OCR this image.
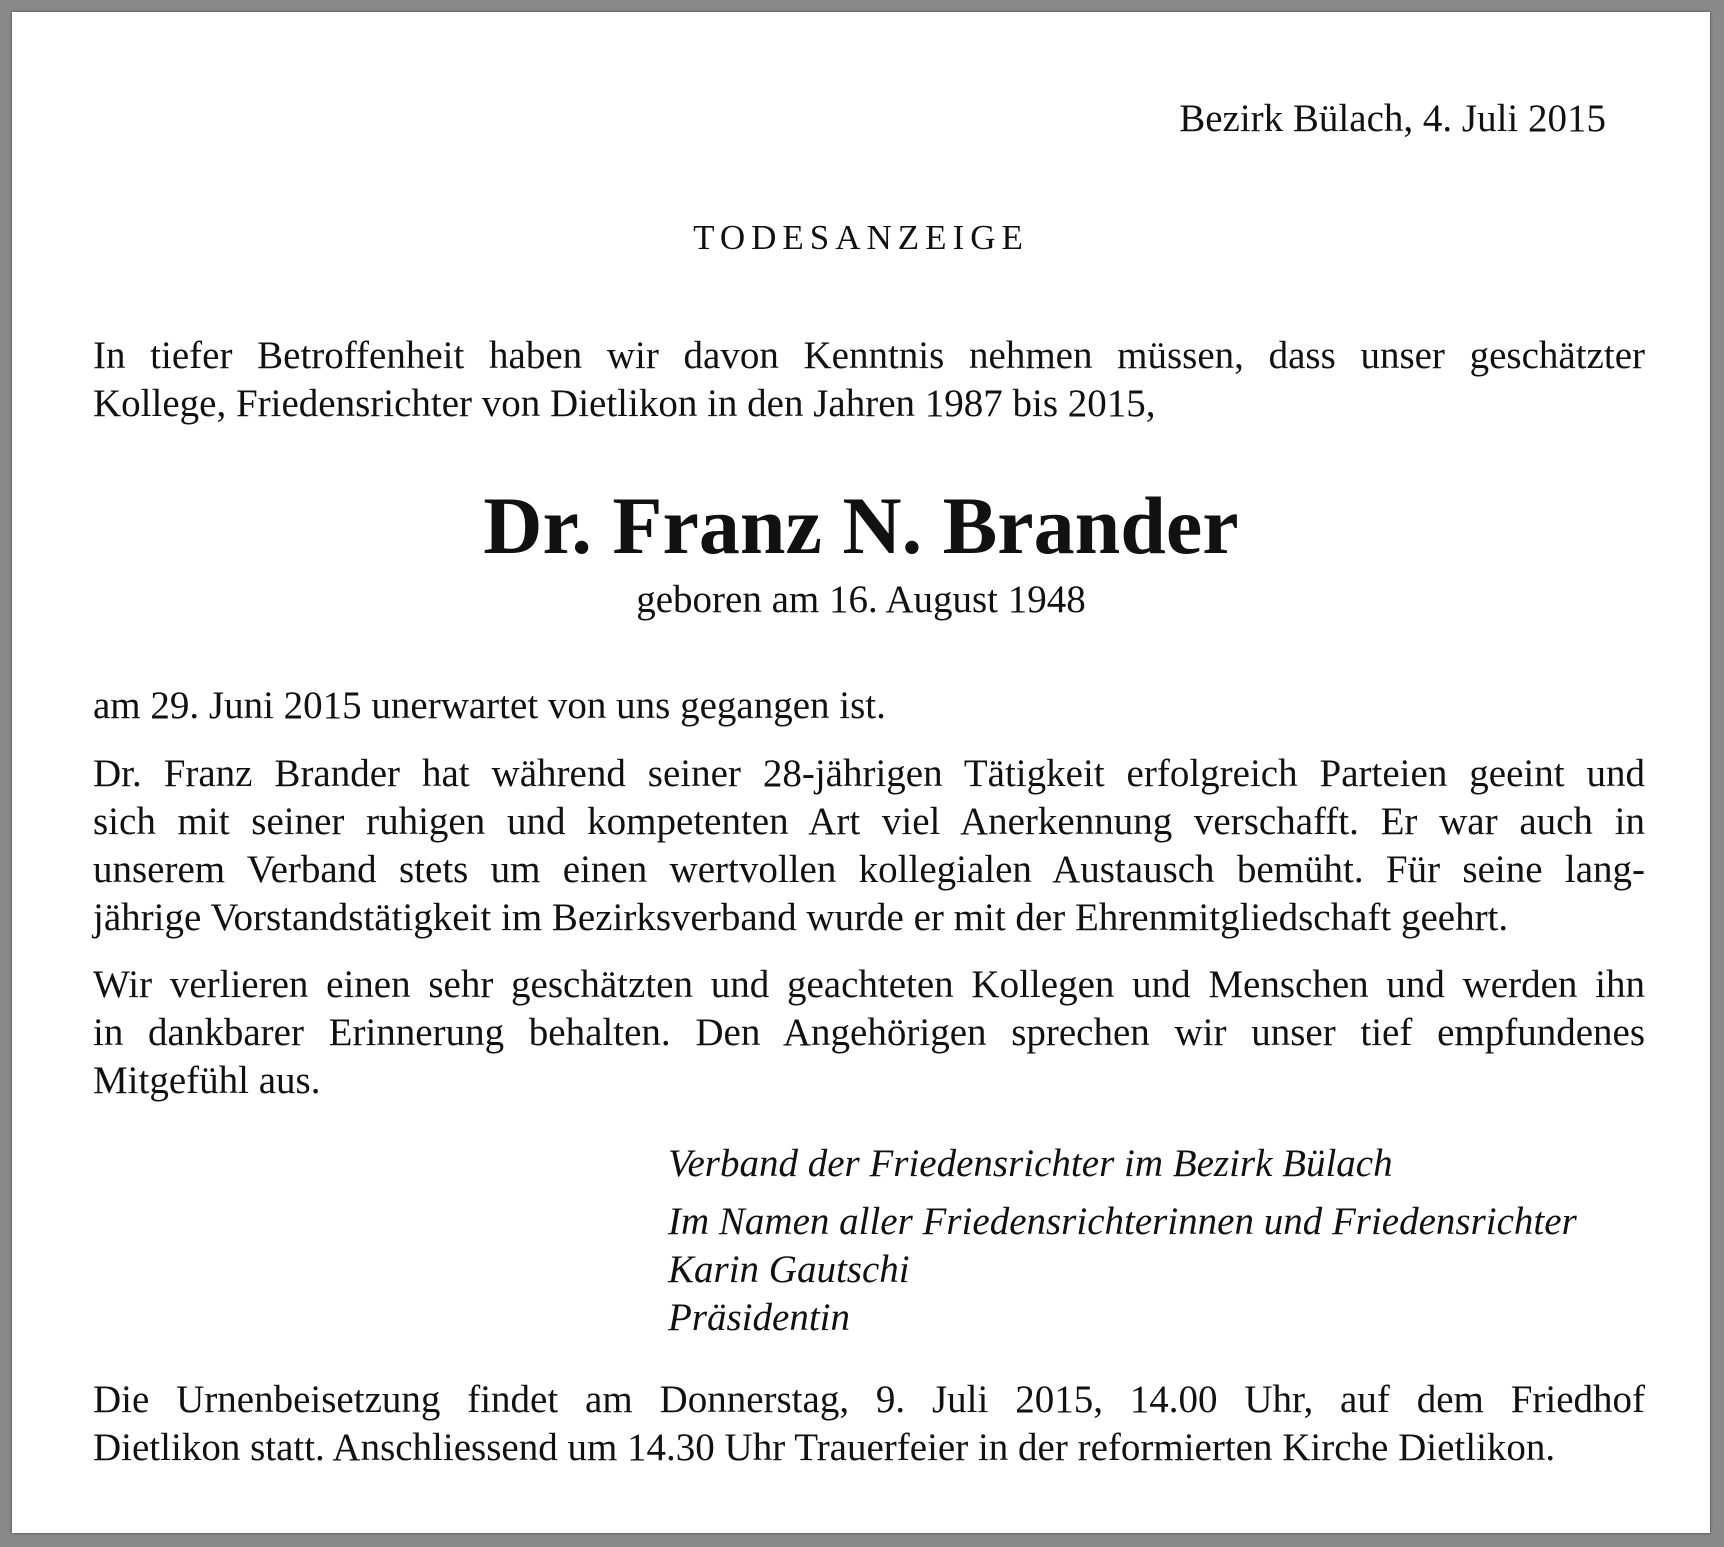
Bezirk Bülach, 4. Juli 2015
TODESANZEIGE
In tiefer Betroffenheit haben wir davon Kenntnis nehmen müssen, dass unser geschätzter
Kollege, Friedensrichter von Dietlikon in den Jahren 1987 bis 2015,
Dr. Franz N. Brander
geboren am 16. August 1948
am 29. Juni 2015 unerwartet von uns gegangen ist.
Dr. Franz Brander hat während seiner 28-jährigen Tätigkeit erfolgreich Parteien geeint und
sich mit seiner ruhigen und kompetenten Art viel Anerkennung verschafft. Er war auch in
unserem Verband stets um einen wertvollen kollegialen Austausch bemüht. Für seine lang-
jährige Vorstandstätigkeit im Bezirksverband wurde er mit der Ehrenmitgliedschaft geehrt.
Wir verlieren einen sehr geschätzten und geachteten Kollegen und Menschen und werden ihn
in dankbarer Erinnerung behalten. Den Angehörigen sprechen wir unser tief empfundenes
Mitgefühl aus.
Verband der Friedensrichter im Bezirk Bülach
Im Namen aller Friedensrichterinnen und Friedensrichter
Karin Gautschi
Präsidentin
Die Urnenbeisetzung findet am Donnerstag, 9. Juli 2015, 14.00 Uhr, auf dem Friedhof
Dietlikon statt. Anschliessend um 14.30 Uhr Trauerfeier in der reformierten Kirche Dietlikon.
